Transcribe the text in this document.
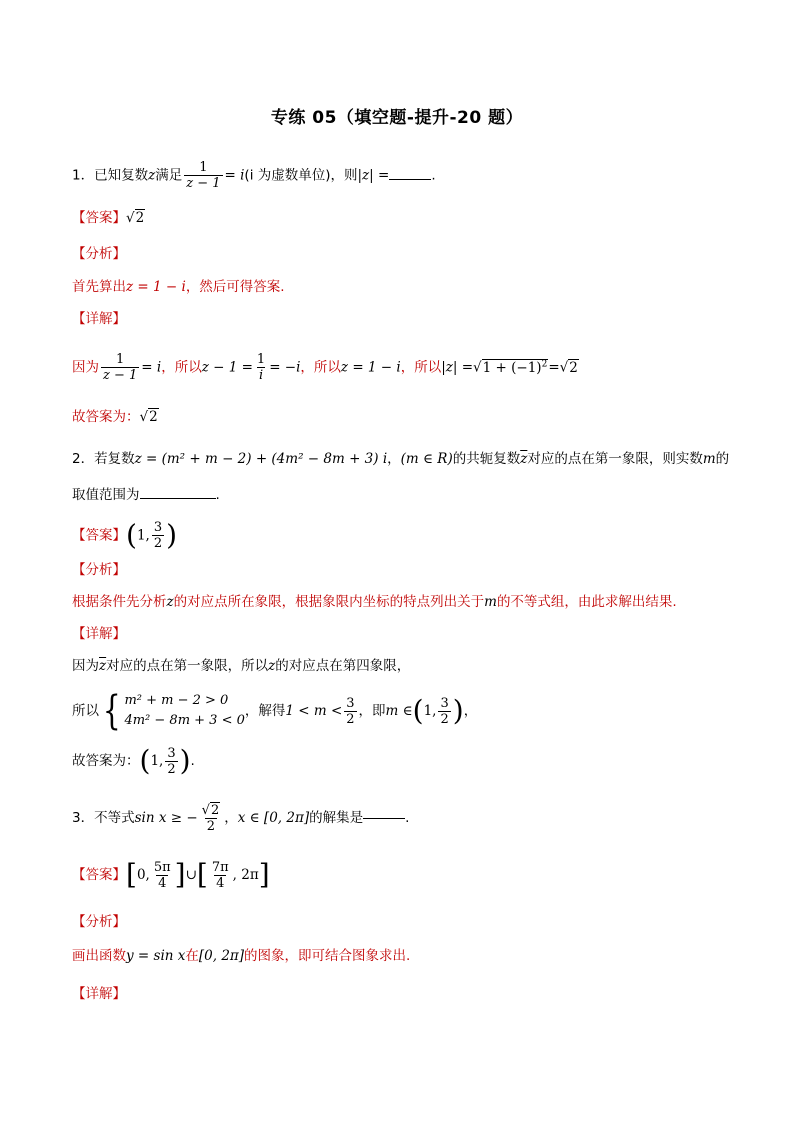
专练 05（填空题-提升-20 题）
1．已知复数z满足 $\frac{1}{z - 1} = i(i$ 为虚数单位)，则|z| =	.
【答案】√2
【分析】
首先算出z = 1 − i，然后可得答案.
【详解】
因为 $\frac{1}{z - 1} = i$，所以$z - 1 = \frac{1}{i} = -i$，所以z = 1 − i，所以$|z| =√1 + (-1)^2=√2$
故答案为：√2
2．若复数z = (m² + m − 2) + (4m² − 8m + 3) i，(m ∈ R)的共轭复数$\overline{z}$对应的点在第一象限，则实数m的
取值范围为	.
【答案】(1, $\frac{3}{2}$ )
【分析】
根据条件先分析z的对应点所在象限，根据象限内坐标的特点列出关于m的不等式组，由此求解出结果.
【详解】
因为$\overline{z}$对应的点在第一象限，所以z的对应点在第四象限，
所以 { m² + m − 2 > 0
4m² − 8m + 3 < 0
，解得 $1 < m < \frac{3}{2}$ ，即 m ∈ ( 1, $\frac{3}{2}$ ) ，
故答案为： ( 1, $\frac{3}{2}$ ) .
3． 不等式 sin x ≥ − $\frac{√2}{2}$ ， x ∈ [0, 2π] 的解集是	.
【答案】 [ 0, $\frac{5\pi}{4}$ ] ∪ [ $\frac{7\pi}{4}$ , 2π ]
【分析】
画出函数y = sin x在[0, 2π]的图象，即可结合图象求出.
【详解】
